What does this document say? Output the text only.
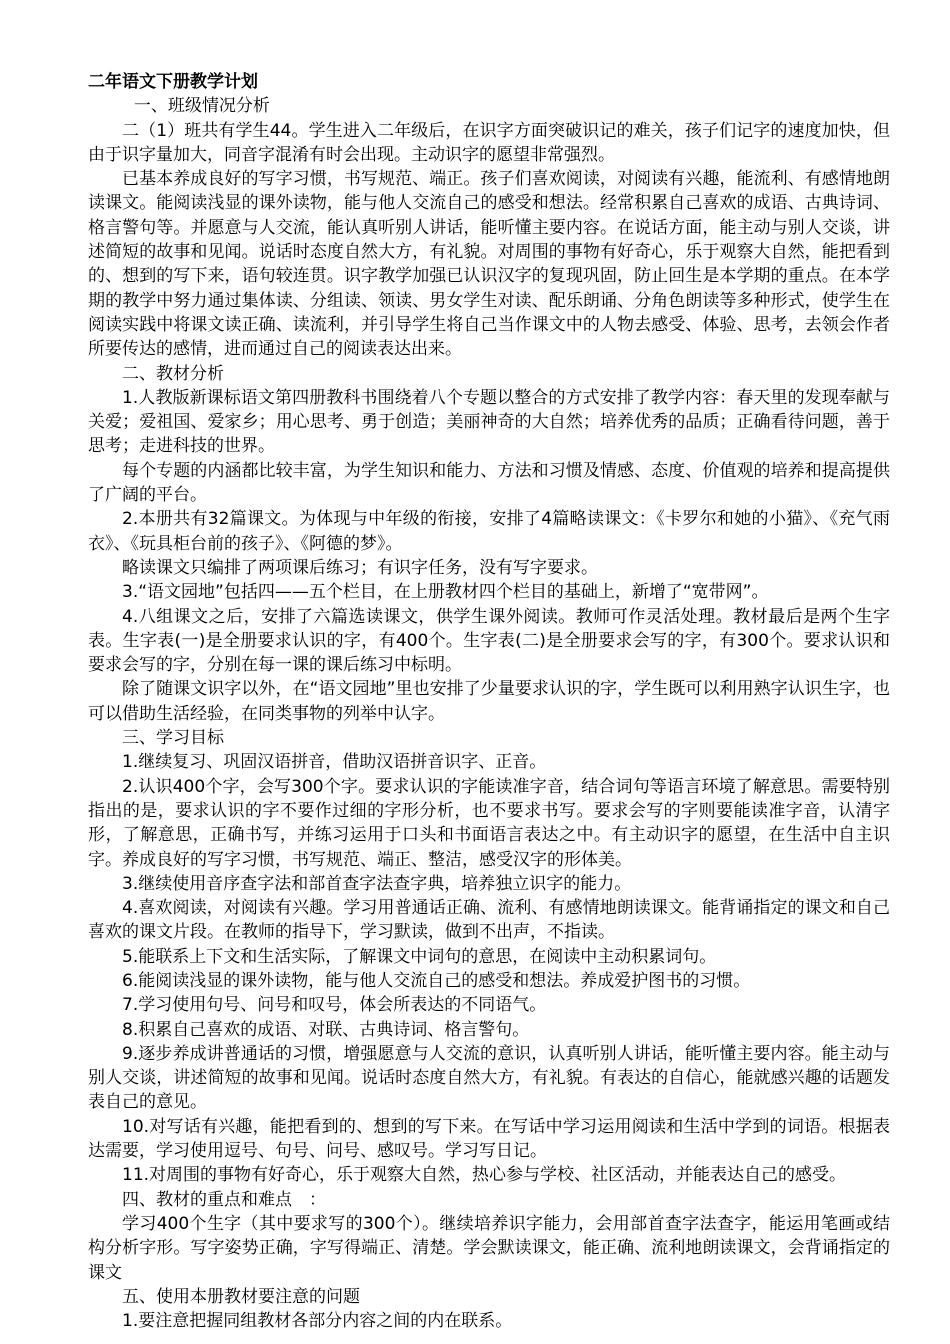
二年语文下册教学计划

一、班级情况分析

二（1）班共有学生44。学生进入二年级后，在识字方面突破识记的难关，孩子们记字的速度加快，但由于识字量加大，同音字混淆有时会出现。主动识字的愿望非常强烈。

已基本养成良好的写字习惯，书写规范、端正。孩子们喜欢阅读，对阅读有兴趣，能流利、有感情地朗读课文。能阅读浅显的课外读物，能与他人交流自己的感受和想法。经常积累自己喜欢的成语、古典诗词、格言警句等。并愿意与人交流，能认真听别人讲话，能听懂主要内容。在说话方面，能主动与别人交谈，讲述简短的故事和见闻。说话时态度自然大方，有礼貌。对周围的事物有好奇心，乐于观察大自然，能把看到的、想到的写下来，语句较连贯。识字教学加强已认识汉字的复现巩固，防止回生是本学期的重点。在本学期的教学中努力通过集体读、分组读、领读、男女学生对读、配乐朗诵、分角色朗读等多种形式，使学生在阅读实践中将课文读正确、读流利，并引导学生将自己当作课文中的人物去感受、体验、思考，去领会作者所要传达的感情，进而通过自己的阅读表达出来。

二、教材分析

1.人教版新课标语文第四册教科书围绕着八个专题以整合的方式安排了教学内容：春天里的发现奉献与关爱；爱祖国、爱家乡；用心思考、勇于创造；美丽神奇的大自然；培养优秀的品质；正确看待问题，善于思考；走进科技的世界。

每个专题的内涵都比较丰富，为学生知识和能力、方法和习惯及情感、态度、价值观的培养和提高提供了广阔的平台。

2.本册共有32篇课文。为体现与中年级的衔接，安排了4篇略读课文：《卡罗尔和她的小猫》、《充气雨衣》、《玩具柜台前的孩子》、《阿德的梦》。

略读课文只编排了两项课后练习；有识字任务，没有写字要求。

3.“语文园地”包括四——五个栏目，在上册教材四个栏目的基础上，新增了“宽带网”。

4.八组课文之后，安排了六篇选读课文，供学生课外阅读。教师可作灵活处理。教材最后是两个生字表。生字表(一)是全册要求认识的字，有400个。生字表(二)是全册要求会写的字，有300个。要求认识和要求会写的字，分别在每一课的课后练习中标明。

除了随课文识字以外，在“语文园地”里也安排了少量要求认识的字，学生既可以利用熟字认识生字，也可以借助生活经验，在同类事物的列举中认字。

三、学习目标

1.继续复习、巩固汉语拼音，借助汉语拼音识字、正音。

2.认识400个字，会写300个字。要求认识的字能读准字音，结合词句等语言环境了解意思。需要特别指出的是，要求认识的字不要作过细的字形分析，也不要求书写。要求会写的字则要能读准字音，认清字形，了解意思，正确书写，并练习运用于口头和书面语言表达之中。有主动识字的愿望，在生活中自主识字。养成良好的写字习惯，书写规范、端正、整洁，感受汉字的形体美。

3.继续使用音序查字法和部首查字法查字典，培养独立识字的能力。

4.喜欢阅读，对阅读有兴趣。学习用普通话正确、流利、有感情地朗读课文。能背诵指定的课文和自己喜欢的课文片段。在教师的指导下，学习默读，做到不出声，不指读。

5.能联系上下文和生活实际，了解课文中词句的意思，在阅读中主动积累词句。

6.能阅读浅显的课外读物，能与他人交流自己的感受和想法。养成爱护图书的习惯。

7.学习使用句号、问号和叹号，体会所表达的不同语气。

8.积累自己喜欢的成语、对联、古典诗词、格言警句。

9.逐步养成讲普通话的习惯，增强愿意与人交流的意识，认真听别人讲话，能听懂主要内容。能主动与别人交谈，讲述简短的故事和见闻。说话时态度自然大方，有礼貌。有表达的自信心，能就感兴趣的话题发表自己的意见。

10.对写话有兴趣，能把看到的、想到的写下来。在写话中学习运用阅读和生活中学到的词语。根据表达需要，学习使用逗号、句号、问号、感叹号。学习写日记。

11.对周围的事物有好奇心，乐于观察大自然，热心参与学校、社区活动，并能表达自己的感受。

四、教材的重点和难点　：

学习400个生字（其中要求写的300个）。继续培养识字能力，会用部首查字法查字，能运用笔画或结构分析字形。写字姿势正确，字写得端正、清楚。学会默读课文，能正确、流利地朗读课文，会背诵指定的课文

五、使用本册教材要注意的问题

1.要注意把握同组教材各部分内容之间的内在联系。
